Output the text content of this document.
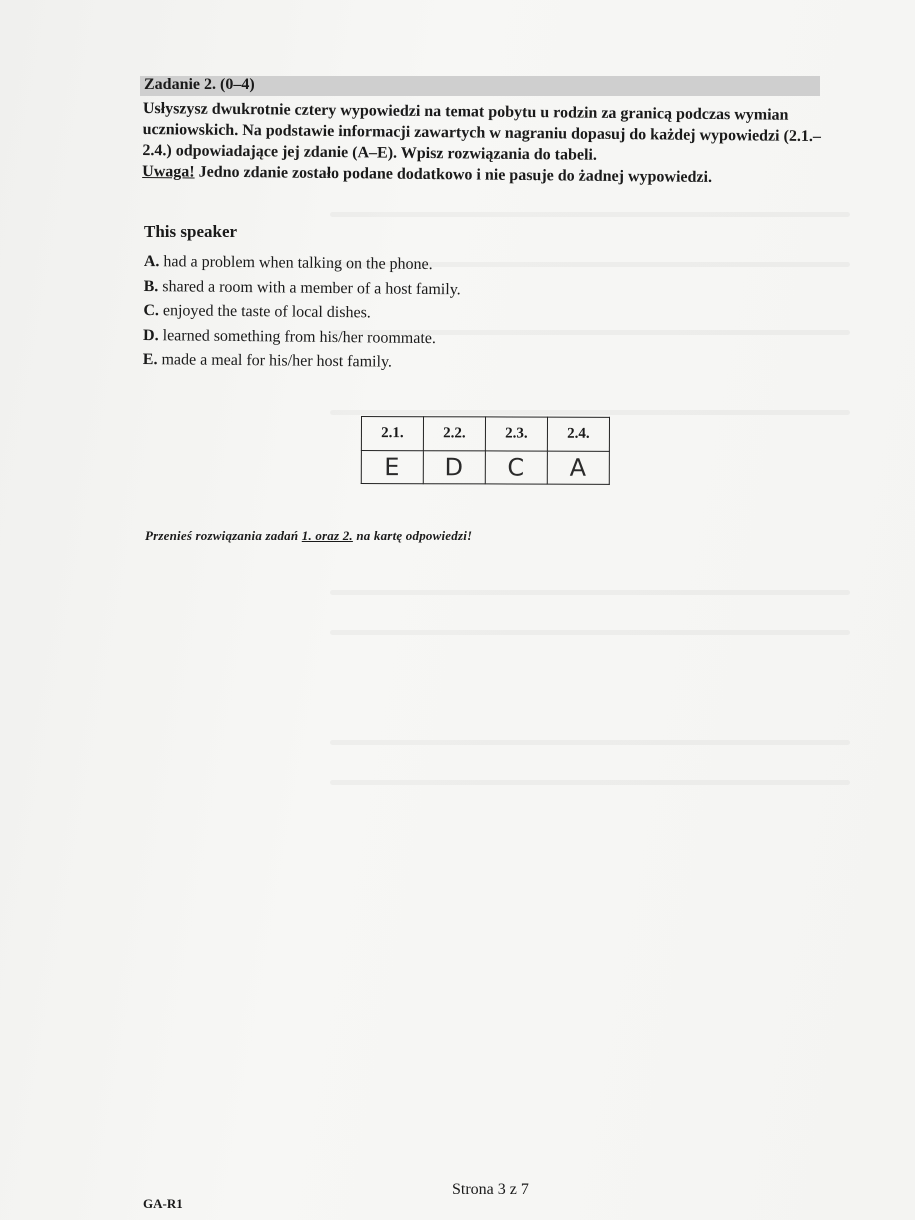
Zadanie 2. (0–4)
Usłyszysz dwukrotnie cztery wypowiedzi na temat pobytu u rodzin za granicą podczas wymian uczniowskich. Na podstawie informacji zawartych w nagraniu dopasuj do każdej wypowiedzi (2.1.–2.4.) odpowiadające jej zdanie (A–E). Wpisz rozwiązania do tabeli.
Uwaga! Jedno zdanie zostało podane dodatkowo i nie pasuje do żadnej wypowiedzi.
This speaker
A. had a problem when talking on the phone.
B. shared a room with a member of a host family.
C. enjoyed the taste of local dishes.
D. learned something from his/her roommate.
E. made a meal for his/her host family.
2.1.	2.2.	2.3.	2.4.
E	D	C	A
Przenieś rozwiązania zadań 1. oraz 2. na kartę odpowiedzi!
Strona 3 z 7
GA-R1
